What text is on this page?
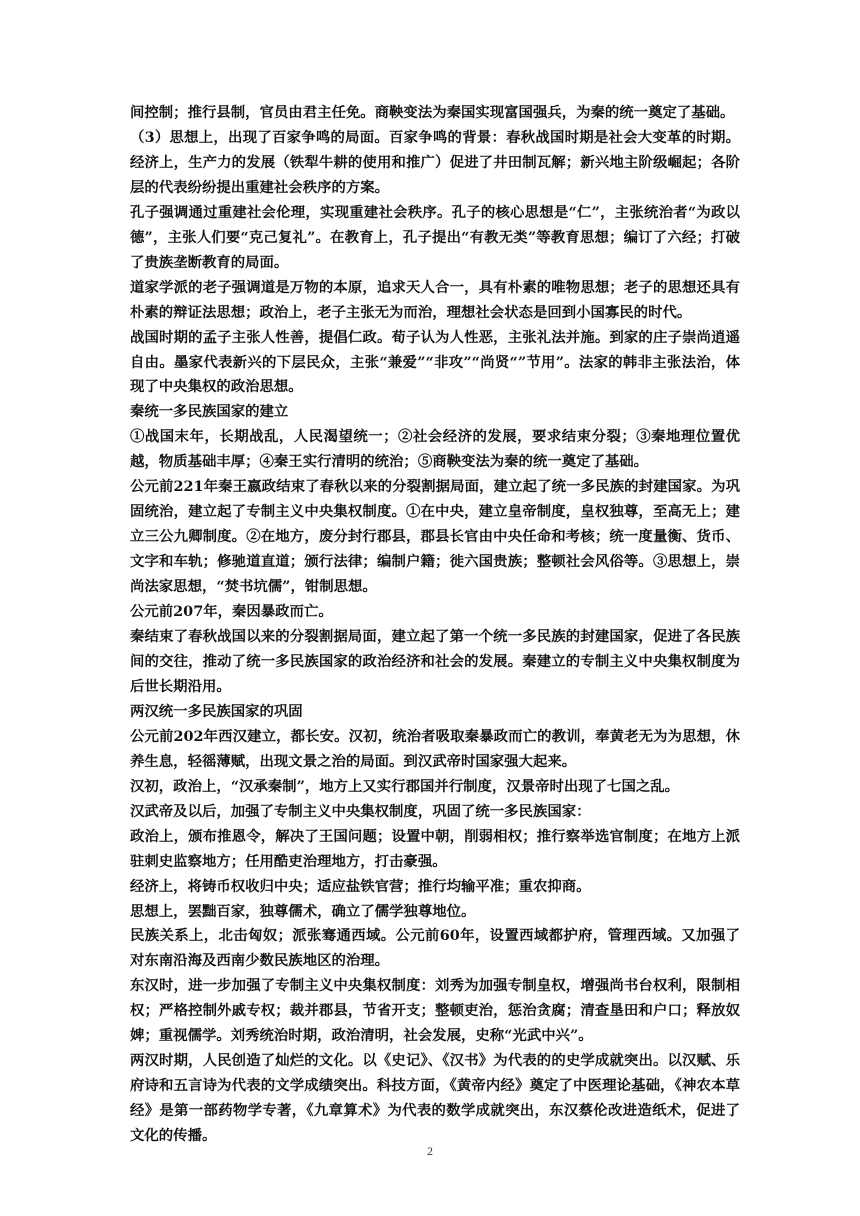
间控制；推行县制，官员由君主任免。商鞅变法为秦国实现富国强兵，为秦的统一奠定了基础。

（3）思想上，出现了百家争鸣的局面。百家争鸣的背景：春秋战国时期是社会大变革的时期。经济上，生产力的发展（铁犁牛耕的使用和推广）促进了井田制瓦解；新兴地主阶级崛起；各阶层的代表纷纷提出重建社会秩序的方案。

孔子强调通过重建社会伦理，实现重建社会秩序。孔子的核心思想是“仁”，主张统治者“为政以德”，主张人们要“克己复礼”。在教育上，孔子提出“有教无类”等教育思想；编订了六经；打破了贵族垄断教育的局面。

道家学派的老子强调道是万物的本原，追求天人合一，具有朴素的唯物思想；老子的思想还具有朴素的辩证法思想；政治上，老子主张无为而治，理想社会状态是回到小国寡民的时代。

战国时期的孟子主张人性善，提倡仁政。荀子认为人性恶，主张礼法并施。到家的庄子崇尚逍遥自由。墨家代表新兴的下层民众，主张“兼爱”“非攻”“尚贤“”节用”。法家的韩非主张法治，体现了中央集权的政治思想。

秦统一多民族国家的建立

①战国末年，长期战乱，人民渴望统一；②社会经济的发展，要求结束分裂；③秦地理位置优越，物质基础丰厚；④秦王实行清明的统治；⑤商鞅变法为秦的统一奠定了基础。

公元前221年秦王嬴政结束了春秋以来的分裂割据局面，建立起了统一多民族的封建国家。为巩固统治，建立起了专制主义中央集权制度。①在中央，建立皇帝制度，皇权独尊，至高无上；建立三公九卿制度。②在地方，废分封行郡县，郡县长官由中央任命和考核；统一度量衡、货币、文字和车轨；修驰道直道；颁行法律；编制户籍；徙六国贵族；整顿社会风俗等。③思想上，崇尚法家思想，“焚书坑儒”，钳制思想。

公元前207年，秦因暴政而亡。

秦结束了春秋战国以来的分裂割据局面，建立起了第一个统一多民族的封建国家，促进了各民族间的交往，推动了统一多民族国家的政治经济和社会的发展。秦建立的专制主义中央集权制度为后世长期沿用。

两汉统一多民族国家的巩固

公元前202年西汉建立，都长安。汉初，统治者吸取秦暴政而亡的教训，奉黄老无为为思想，休养生息，轻徭薄赋，出现文景之治的局面。到汉武帝时国家强大起来。

汉初，政治上，“汉承秦制”，地方上又实行郡国并行制度，汉景帝时出现了七国之乱。

汉武帝及以后，加强了专制主义中央集权制度，巩固了统一多民族国家：

政治上，颁布推恩令，解决了王国问题；设置中朝，削弱相权；推行察举选官制度；在地方上派驻刺史监察地方；任用酷吏治理地方，打击豪强。

经济上，将铸币权收归中央；适应盐铁官营；推行均输平准；重农抑商。

思想上，罢黜百家，独尊儒术，确立了儒学独尊地位。

民族关系上，北击匈奴；派张骞通西域。公元前60年，设置西域都护府，管理西域。又加强了对东南沿海及西南少数民族地区的治理。

东汉时，进一步加强了专制主义中央集权制度：刘秀为加强专制皇权，增强尚书台权利，限制相权；严格控制外戚专权；裁并郡县，节省开支；整顿吏治，惩治贪腐；清查垦田和户口；释放奴婢；重视儒学。刘秀统治时期，政治清明，社会发展，史称“光武中兴”。

两汉时期，人民创造了灿烂的文化。以《史记》、《汉书》为代表的的史学成就突出。以汉赋、乐府诗和五言诗为代表的文学成绩突出。科技方面，《黄帝内经》奠定了中医理论基础，《神农本草经》是第一部药物学专著，《九章算术》为代表的数学成就突出，东汉蔡伦改进造纸术，促进了文化的传播。

2
